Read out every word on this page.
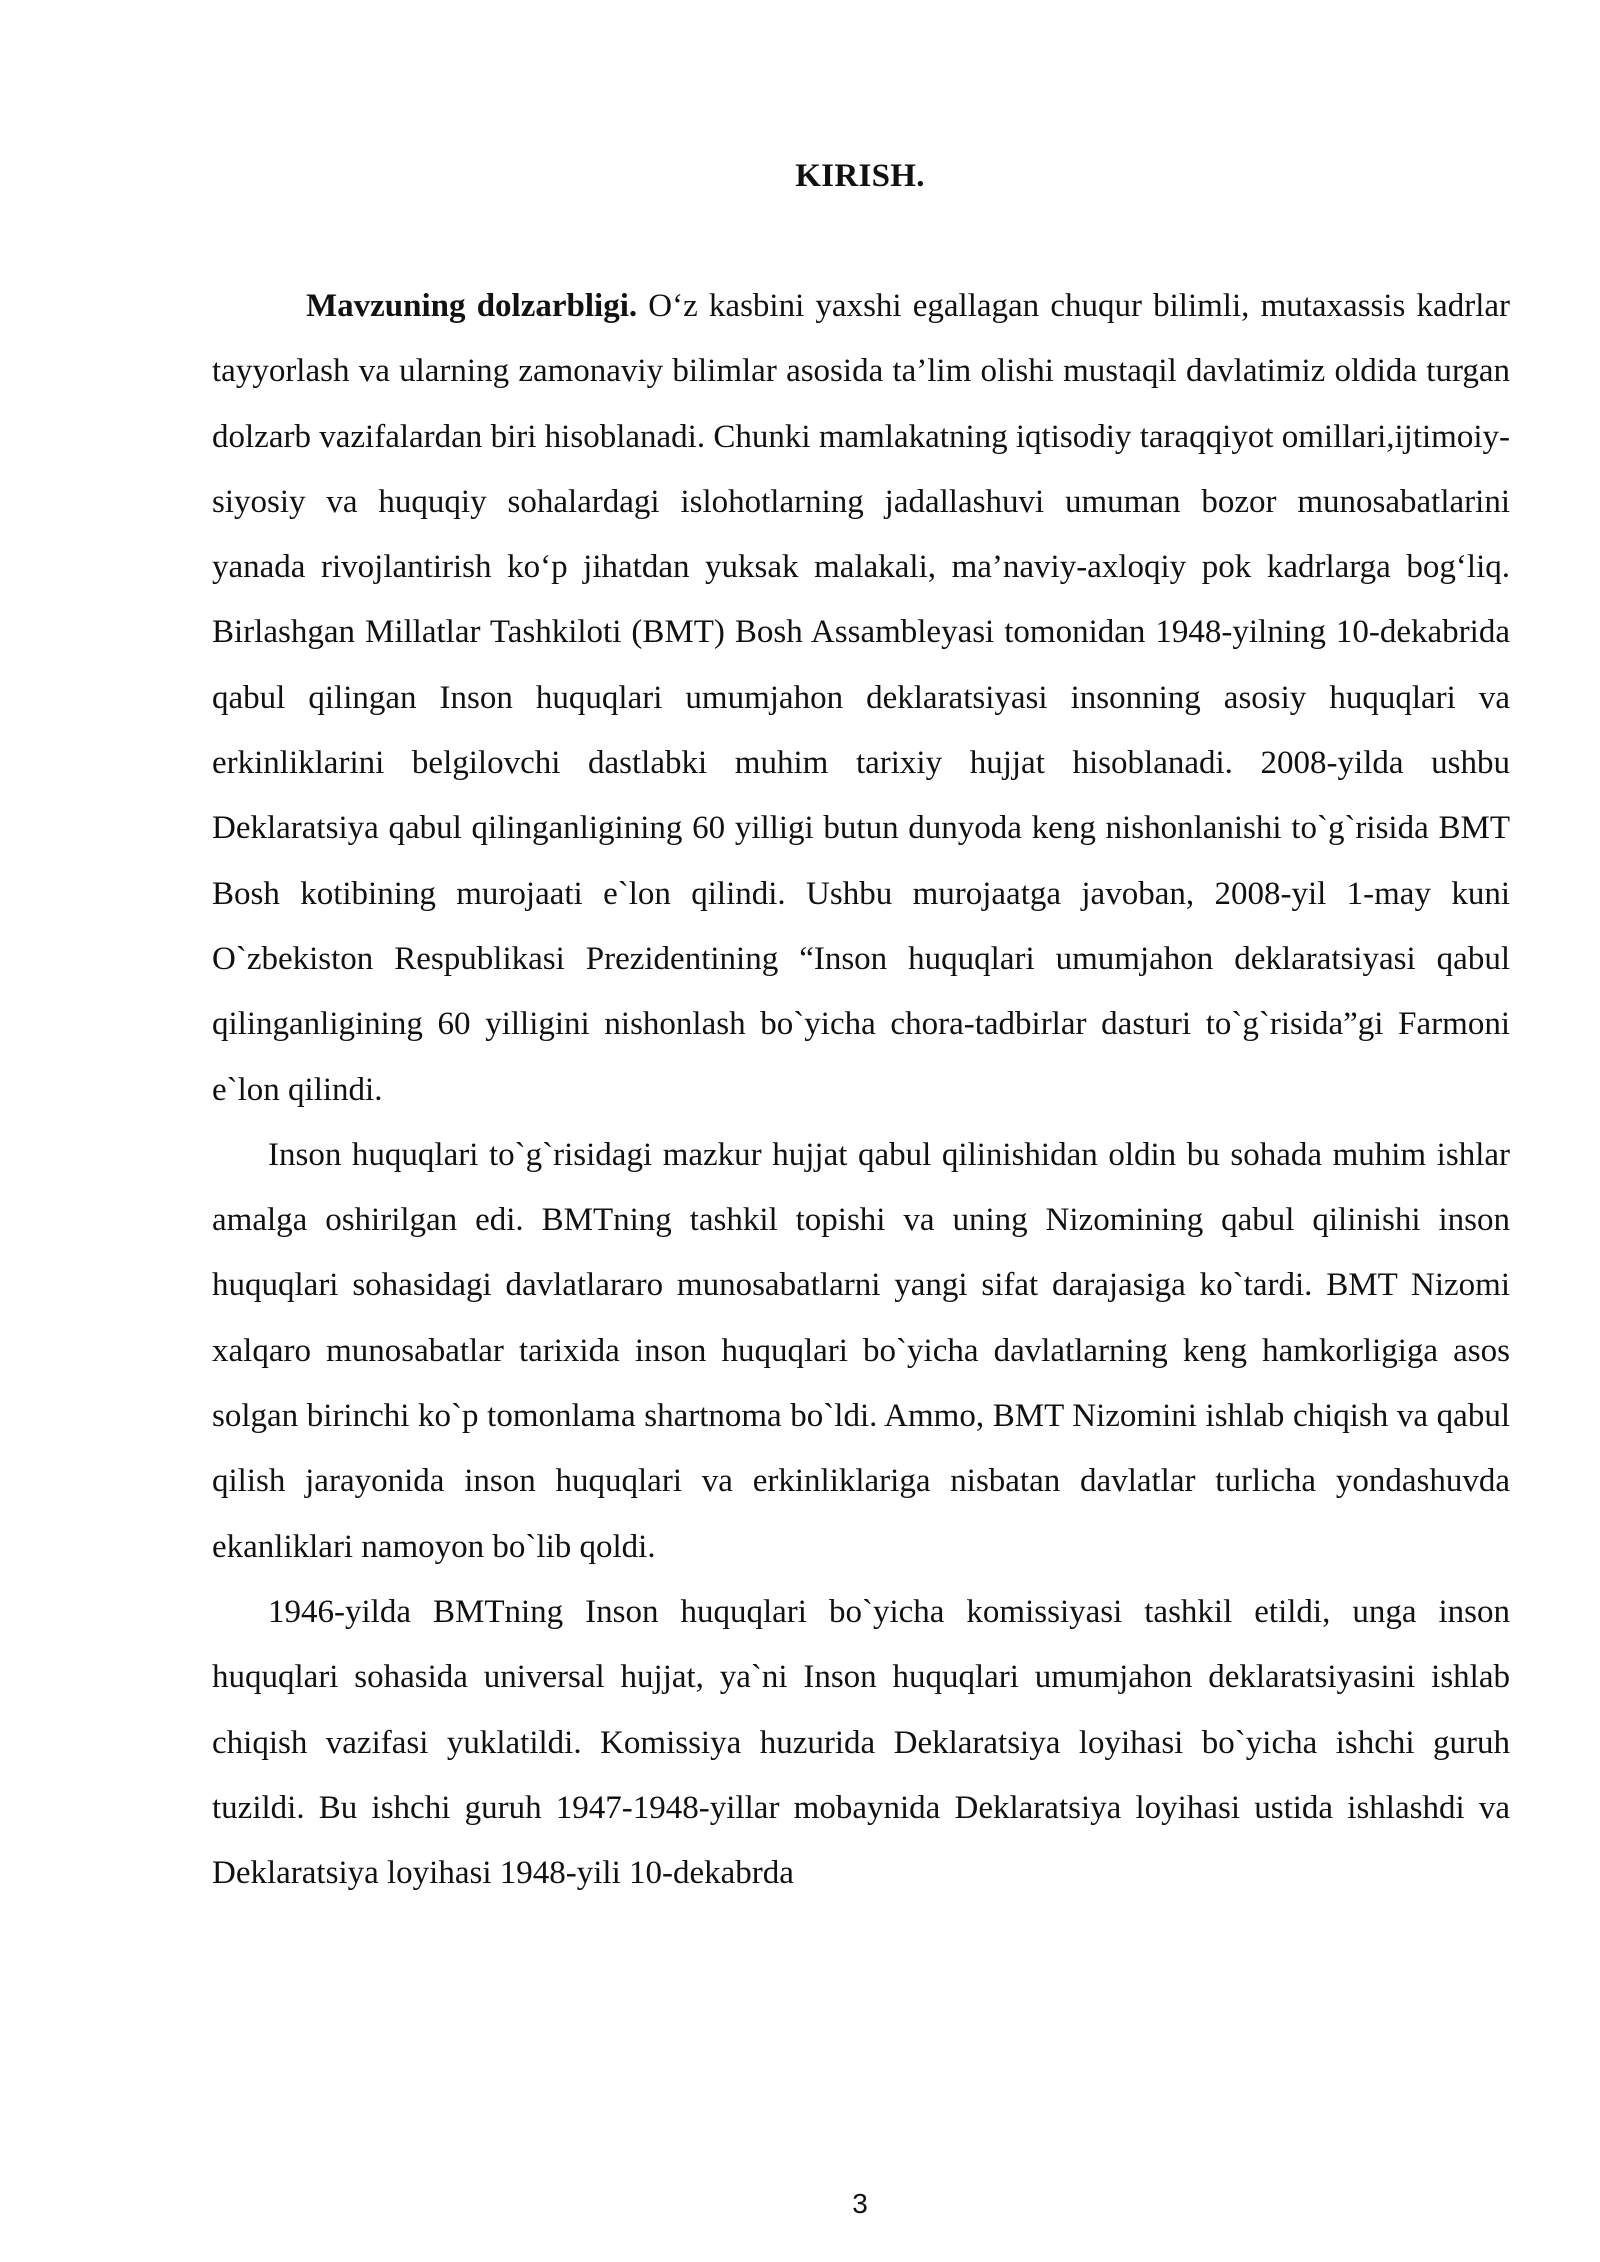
KIRISH.

Mavzuning dolzarbligi. O‘z kasbini yaxshi egallagan chuqur bilimli, mutaxassis kadrlar tayyorlash va ularning zamonaviy bilimlar asosida ta’lim olishi mustaqil davlatimiz oldida turgan dolzarb vazifalardan biri hisoblanadi. Chunki mamlakatning iqtisodiy taraqqiyot omillari,ijtimoiy-siyosiy va huquqiy sohalardagi islohotlarning jadallashuvi umuman bozor munosabatlarini yanada rivojlantirish ko‘p jihatdan yuksak malakali, ma’naviy-axloqiy pok kadrlarga bog‘liq. Birlashgan Millatlar Tashkiloti (BMT) Bosh Assambleyasi tomonidan 1948-yilning 10-dekabrida qabul qilingan Inson huquqlari umumjahon deklaratsiyasi insonning asosiy huquqlari va erkinliklarini belgilovchi dastlabki muhim tarixiy hujjat hisoblanadi. 2008-yilda ushbu Deklaratsiya qabul qilinganligining 60 yilligi butun dunyoda keng nishonlanishi to`g`risida BMT Bosh kotibining murojaati e`lon qilindi. Ushbu murojaatga javoban, 2008-yil 1-may kuni O`zbekiston Respublikasi Prezidentining “Inson huquqlari umumjahon deklaratsiyasi qabul qilinganligining 60 yilligini nishonlash bo`yicha chora-tadbirlar dasturi to`g`risida”gi Farmoni e`lon qilindi.

Inson huquqlari to`g`risidagi mazkur hujjat qabul qilinishidan oldin bu sohada muhim ishlar amalga oshirilgan edi. BMTning tashkil topishi va uning Nizomining qabul qilinishi inson huquqlari sohasidagi davlatlararo munosabatlarni yangi sifat darajasiga ko`tardi. BMT Nizomi xalqaro munosabatlar tarixida inson huquqlari bo`yicha davlatlarning keng hamkorligiga asos solgan birinchi ko`p tomonlama shartnoma bo`ldi. Ammo, BMT Nizomini ishlab chiqish va qabul qilish jarayonida inson huquqlari va erkinliklariga nisbatan davlatlar turlicha yondashuvda ekanliklari namoyon bo`lib qoldi.

1946-yilda BMTning Inson huquqlari bo`yicha komissiyasi tashkil etildi, unga inson huquqlari sohasida universal hujjat, ya`ni Inson huquqlari umumjahon deklaratsiyasini ishlab chiqish vazifasi yuklatildi. Komissiya huzurida Deklaratsiya loyihasi bo`yicha ishchi guruh tuzildi. Bu ishchi guruh 1947-1948-yillar mobaynida Deklaratsiya loyihasi ustida ishlashdi va Deklaratsiya loyihasi 1948-yili 10-dekabrda

3
